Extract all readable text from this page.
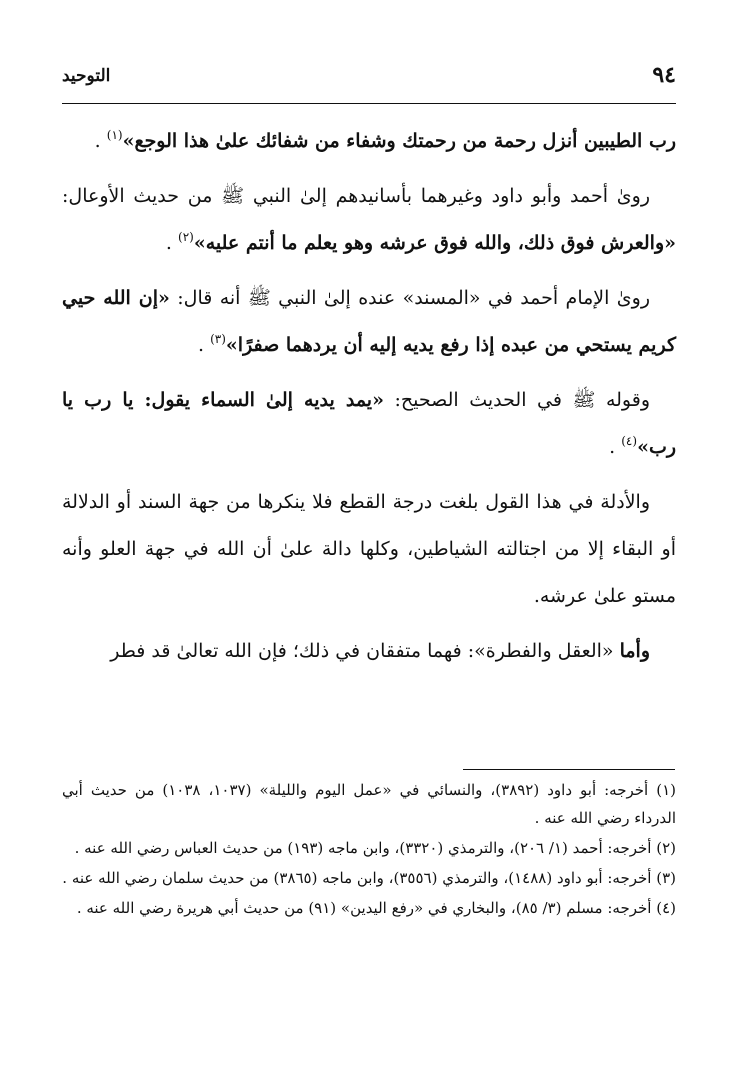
٩٤
التوحيد

رب الطيبين أنزل رحمة من رحمتك وشفاء من شفائك علىٰ هذا الوجع»$^{(١)}$ .

روىٰ أحمد وأبو داود وغيرهما بأسانيدهم إلىٰ النبي ﷺ من حديث الأوعال: «والعرش فوق ذلك، والله فوق عرشه وهو يعلم ما أنتم عليه»$^{(٢)}$ .

روىٰ الإمام أحمد في «المسند» عنده إلىٰ النبي ﷺ أنه قال: «إن الله حيي كريم يستحي من عبده إذا رفع يديه إليه أن يردهما صفرًا»$^{(٣)}$ .

وقوله ﷺ في الحديث الصحيح: «يمد يديه إلىٰ السماء يقول: يا رب يا رب»$^{(٤)}$ .

والأدلة في هذا القول بلغت درجة القطع فلا ينكرها من جهة السند أو الدلالة أو البقاء إلا من اجتالته الشياطين، وكلها دالة علىٰ أن الله في جهة العلو وأنه مستو علىٰ عرشه.

وأما «العقل والفطرة»: فهما متفقان في ذلك؛ فإن الله تعالىٰ قد فطر

(١) أخرجه: أبو داود (٣٨٩٢)، والنسائي في «عمل اليوم والليلة» (١٠٣٧، ١٠٣٨) من حديث أبي الدرداء رضي الله عنه .

(٢) أخرجه: أحمد (١/ ٢٠٦)، والترمذي (٣٣٢٠)، وابن ماجه (١٩٣) من حديث العباس رضي الله عنه .

(٣) أخرجه: أبو داود (١٤٨٨)، والترمذي (٣٥٥٦)، وابن ماجه (٣٨٦٥) من حديث سلمان رضي الله عنه .

(٤) أخرجه: مسلم (٣/ ٨٥)، والبخاري في «رفع اليدين» (٩١) من حديث أبي هريرة رضي الله عنه .
